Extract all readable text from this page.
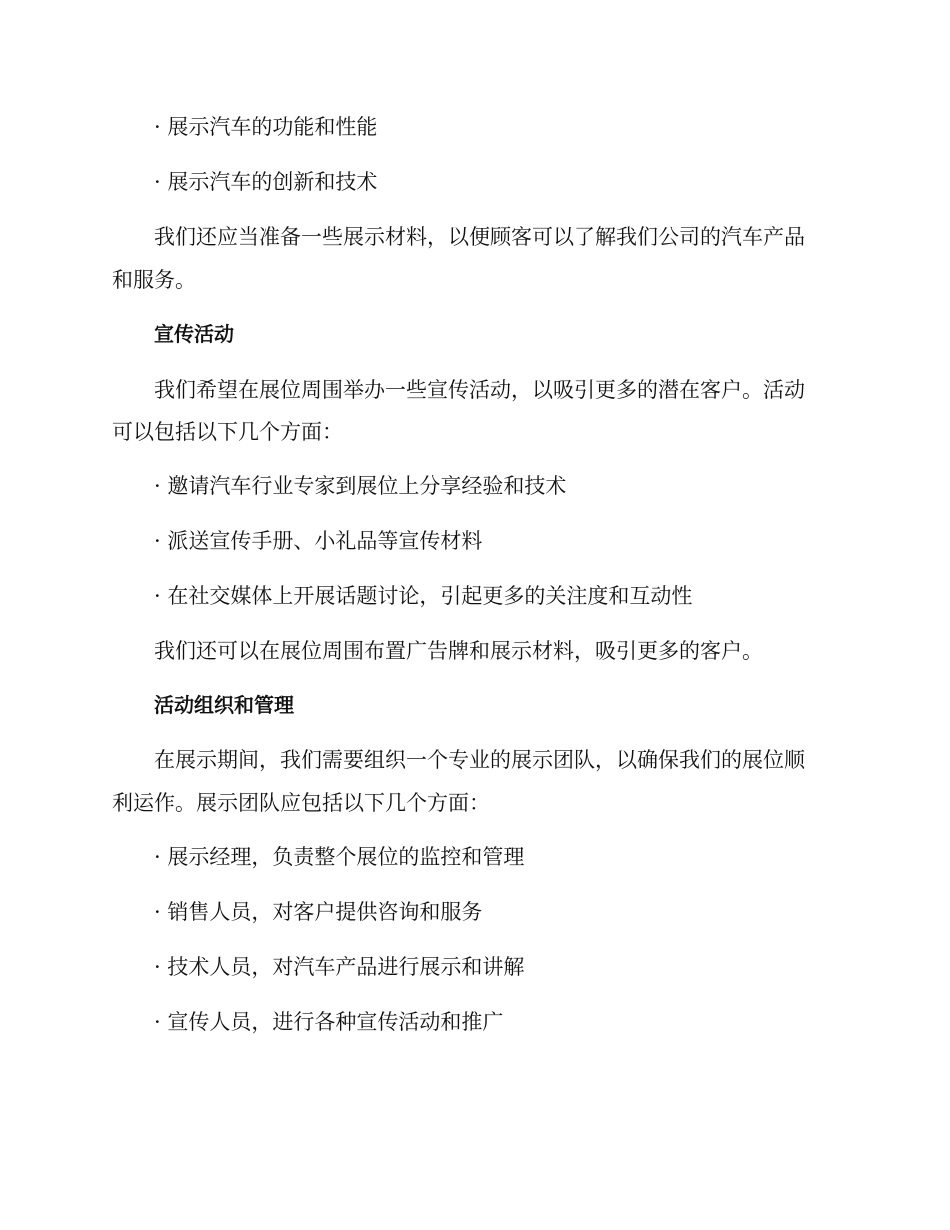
· 展示汽车的功能和性能
· 展示汽车的创新和技术
我们还应当准备一些展示材料，以便顾客可以了解我们公司的汽车产品
和服务。
宣传活动
我们希望在展位周围举办一些宣传活动，以吸引更多的潜在客户。活动
可以包括以下几个方面：
· 邀请汽车行业专家到展位上分享经验和技术
· 派送宣传手册、小礼品等宣传材料
· 在社交媒体上开展话题讨论，引起更多的关注度和互动性
我们还可以在展位周围布置广告牌和展示材料，吸引更多的客户。
活动组织和管理
在展示期间，我们需要组织一个专业的展示团队，以确保我们的展位顺
利运作。展示团队应包括以下几个方面：
· 展示经理，负责整个展位的监控和管理
· 销售人员，对客户提供咨询和服务
· 技术人员，对汽车产品进行展示和讲解
· 宣传人员，进行各种宣传活动和推广
